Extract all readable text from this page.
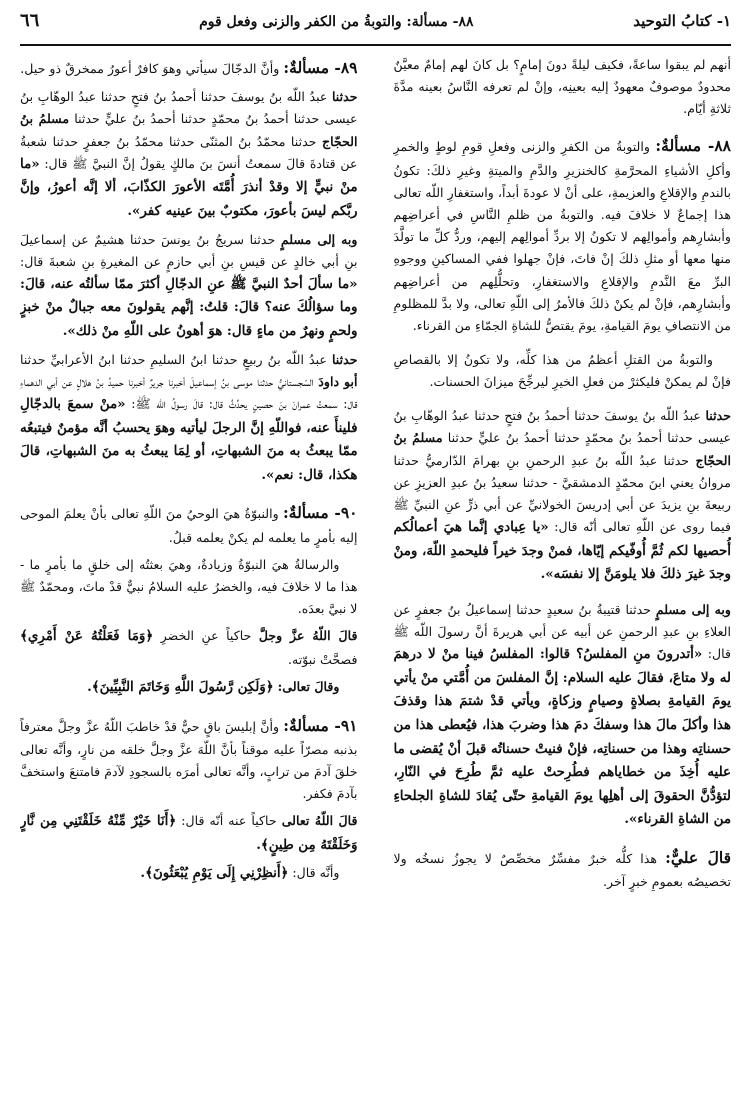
١- كتابُ التوحيد
٨٨- مسألة: والتوبةُ من الكفر والزنى وفعل قوم
٦٦

أنهم لم يبقوا ساعةً، فكيف ليلةً دونَ إمامٍ؟ بل كانَ لهم إمامٌ معيَّنٌ محدودٌ موصوفٌ معهودٌ إليه بعينِه، وإنْ لم تعرفه النَّاسُ بعينه مدَّةَ ثلاثةِ أيّام.

٨٨- مسألةٌ: والتوبةُ من الكفرِ والزنى وفعلِ قومِ لوطٍ والخمرِ وأكلِ الأشياءِ المحرَّمةِ كالخنزيرِ والدَّمِ والميتةِ وغيرِ ذلكَ: تكونُ بالندمِ والإقلاعِ والعزيمةِ، على أنْ لا عودةَ أبداً، واستغفارِ اللّه تعالى هذا إجماعٌ لا خلافَ فيه. والتوبةُ من ظلمِ النَّاسِ في أعراضِهم وأبشارِهم وأموالِهم لا تكونُ إلا بردِّ أموالِهم إليهم، وردُّ كلِّ ما تولَّدَ منها معها أو مثلِ ذلكَ إنْ فاتَ، فإنْ جهلوا ففي المساكينِ ووجوهِ البرِّ معَ النَّدمِ والإقلاعِ والاستغفارِ، وتحلُّلِهم من أعراضِهم وأبشارِهم، فإنْ لم يكنْ ذلكَ فالأمرُ إلى اللّهِ تعالى، ولا بدَّ للمظلومِ من الانتصافِ يومَ القيامةِ، يومَ يقتصُّ للشاةِ الجمّاءِ من القرناء.

والتوبةُ من القتلِ أعظمُ من هذا كلِّه، ولا تكونُ إلا بالقصاصِ فإنْ لم يمكنْ فليكثرْ من فعلِ الخيرِ ليرجِّحَ ميزانَ الحسنات.

حدثنا عبدُ اللّه بنُ يوسفَ حدثنا أحمدُ بنُ فتحٍ حدثنا عبدُ الوهّابِ بنُ عيسى حدثنا أحمدُ بنُ محمّدٍ حدثنا أحمدُ بنُ عليٍّ حدثنا مسلمُ بنُ الحجّاج حدثنا عبدُ اللّه بنُ عبدِ الرحمنِ بنِ بهرامَ الدّارميُّ حدثنا مروانُ يعني ابنَ محمّدٍ الدمشقيَّ - حدثنا سعيدُ بنُ عبدِ العزيزِ عن ربيعةَ بنِ يزيدَ عن أبي إدريسَ الخولانيِّ عن أبي ذرٍّ عنِ النبيِّ ﷺ فيما روى عن اللّهِ تعالى أنّه قال: «يا عِبادي إنَّما هيَ أعمالُكم أُحصيها لكم ثُمَّ أُوفّيكم إيّاها، فمنْ وجدَ خيراً فليحمدِ اللّهَ، ومنْ وجدَ غيرَ ذلكَ فلا يلومَنَّ إلا نفسَه».

وبه إلى مسلمٍ حدثنا قتيبةُ بنُ سعيدٍ حدثنا إسماعيلُ بنُ جعفرٍ عن العلاءِ بنِ عبدِ الرحمنِ عن أبيه عن أبي هريرةَ أنَّ رسولَ اللّه ﷺ قال: «أتدرونَ منِ المفلسُ؟ قالوا: المفلسُ فينا منْ لا درهمَ له ولا متاعَ، فقالَ عليه السلام: إنَّ المفلسَ من أُمَّتي منْ يأتي يومَ القيامةِ بصلاةٍ وصيامٍ وزكاةٍ، ويأتي قدْ شتمَ هذا وقذفَ هذا وأكلَ مالَ هذا وسفكَ دمَ هذا وضربَ هذا، فيُعطى هذا من حسناتِه وهذا من حسناتِه، فإنْ فنيتْ حسناتُه قبلَ أنْ يُقضى ما عليه أُخِذَ من خطاياهم فطُرِحتْ عليه ثمَّ طُرِحَ في النّارِ، لتؤدُّنَّ الحقوقَ إلى أهلِها يومَ القيامةِ حتّى يُقادَ للشاةِ الجلحاءِ من الشاةِ القرناء».

قالَ عليٌّ: هذا كلُّه خبرٌ مفسِّرٌ مخصِّصٌ لا يجوزُ نسخُه ولا تخصيصُه بعمومِ خبرٍ آخر.

٨٩- مسألةٌ: وأنَّ الدجّالَ سيأتي وهوَ كافرٌ أعورُ ممخرقٌ ذو حيل.

حدثنا عبدُ اللّه بنُ يوسفَ حدثنا أحمدُ بنُ فتحٍ حدثنا عبدُ الوهّابِ بنُ عيسى حدثنا أحمدُ بنُ محمّدٍ حدثنا أحمدُ بنُ عليٍّ حدثنا مسلمُ بنُ الحجّاج حدثنا محمّدُ بنُ المثنّى حدثنا محمّدُ بنُ جعفرٍ حدثنا شعبةُ عن قتادةَ قالَ سمعتُ أنسَ بنَ مالكٍ يقولُ إنَّ النبيَّ ﷺ قال: «ما منْ نبيٍّ إلا وقدْ أنذرَ أُمَّتَه الأعورَ الكذّابَ، ألا إنَّه أعورُ، وإنَّ ربَّكم ليسَ بأعورَ، مكتوبٌ بينَ عينيه كفر».

وبه إلى مسلمٍ حدثنا سريجُ بنُ يونسَ حدثنا هشيمٌ عن إسماعيلَ بنِ أبي خالدٍ عن قيسِ بنِ أبي حازمٍ عن المغيرةِ بنِ شعبةَ قال: «ما سألَ أحدٌ النبيَّ ﷺ عنِ الدجّالِ أكثرَ ممّا سألتُه عنه، قالَ: وما سؤالُكَ عنه؟ قالَ: قلتُ: إنَّهم يقولونَ معه جبالٌ منْ خبزٍ ولحمٍ ونهرٌ من ماءٍ قال: هوَ أهونُ على اللّهِ منْ ذلك».

حدثنا عبدُ اللّه بنُ ربيعٍ حدثنا ابنُ السليمِ حدثنا ابنُ الأعرابيِّ حدثنا أبو داودَ السّجستانيُّ حدثنا موسى بنُ إسماعيلَ أخبرنا جريرٌ أخبرنا حميدُ بنُ هلالٍ عن أبي الدهماءِ قال: سمعتُ عمرانَ بنَ حصينٍ يحدِّثُ قال: قالَ رسولُ اللّه ﷺ: «منْ سمعَ بالدجّالِ فلينأَ عنه، فواللّهِ إنَّ الرجلَ ليأتيه وهوَ يحسبُ أنَّه مؤمنٌ فيتبعُه ممّا يبعثُ به منَ الشبهاتِ، أو لِمَا يبعثُ به منَ الشبهاتِ، قالَ هكذا، قال: نعم».

٩٠- مسألةٌ: والنبوّةُ هيَ الوحيُ منَ اللّهِ تعالى بأنْ يعلمَ الموحى إليه بأمرٍ ما يعلمه لم يكنْ يعلمه قبلُ.

والرسالةُ هيَ النبوّةُ وزيادةٌ، وهيَ بعثتُه إلى خلقٍ ما بأمرٍ ما - هذا ما لا خلافَ فيه، والخضرُ عليه السلامُ نبيٌّ قدْ ماتَ، ومحمّدٌ ﷺ لا نبيَّ بعدَه.

قالَ اللّهُ عزَّ وجلَّ حاكياً عنِ الخضرِ ﴿وَمَا فَعَلْتُهُ عَنْ أَمْرِي﴾ فصحَّتْ نبوّته.

وقالَ تعالى: ﴿وَلَكِن رَّسُولَ اللَّهِ وَخَاتَمَ النَّبِيِّينَ﴾.

٩١- مسألةٌ: وأنَّ إبليسَ باقٍ حيٌّ قدْ خاطبَ اللّهُ عزَّ وجلَّ معترفاً بذنبه مصرّاً عليه موقناً بأنَّ اللّهَ عزَّ وجلَّ خلقه من نارٍ، وأنَّه تعالى خلقَ آدمَ من ترابٍ، وأنَّه تعالى أمرَه بالسجودِ لآدمَ فامتنعَ واستخفَّ بآدمَ فكفر.

قالَ اللّهُ تعالى حاكياً عنه أنّه قال: ﴿أَنَا خَيْرٌ مِّنْهُ خَلَقْتَنِي مِن نَّارٍ وَخَلَقْتَهُ مِن طِينٍ﴾.

وأنَّه قال: ﴿أَنظِرْنِي إِلَى يَوْمِ يُبْعَثُونَ﴾.
